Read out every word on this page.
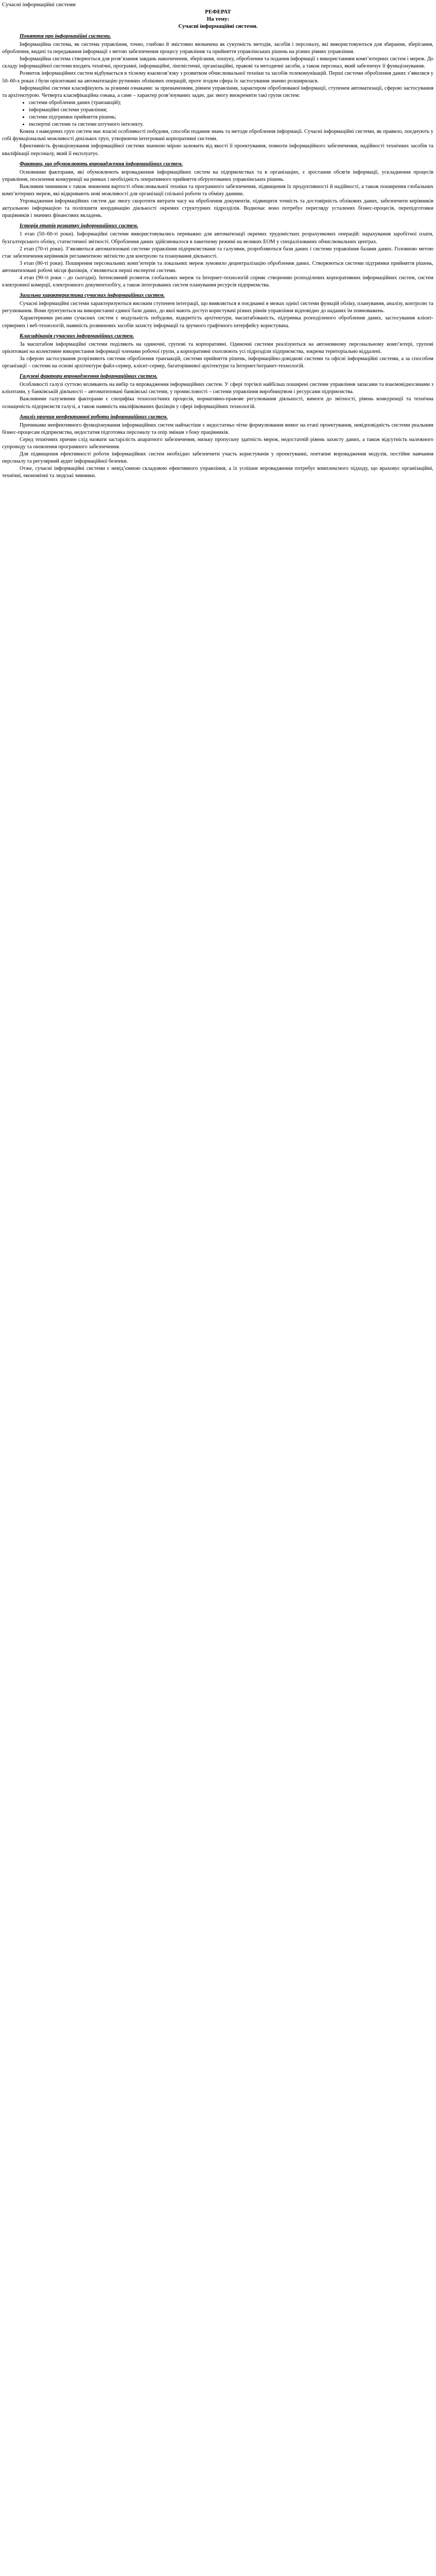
Сучасні інформаційні системи
РЕФЕРАТ
На тему:
Сучасні інформаційні системи.
Поняття про інформаційні системи.

Інформаційна система, як система управління, точно, глибоко й змістовно визначена як сукупність методів, засобів і персоналу, які використовуються для збирання, зберігання, оброблення, видачі та передавання інформації з метою забезпечення процесу управління та прийняття управлінських рішень на різних рівнях управління.

Інформаційна система створюється для розв’язання завдань накопичення, зберігання, пошуку, оброблення та подання інформації з використанням комп’ютерних систем і мереж. До складу інформаційної системи входять технічні, програмні, інформаційні, лінгвістичні, організаційні, правові та методичні засоби, а також персонал, який забезпечує її функціонування.

Розвиток інформаційних систем відбувається в тісному взаємозв’язку з розвитком обчислювальної техніки та засобів телекомунікацій. Перші системи оброблення даних з’явилися у 50–60-х роках і були орієнтовані на автоматизацію рутинних облікових операцій, проте згодом сфера їх застосування значно розширилася.

Інформаційні системи класифікують за різними ознаками: за призначенням, рівнем управління, характером оброблюваної інформації, ступенем автоматизації, сферою застосування та архітектурою. Четверта класифікаційна ознака, а саме – характер розв’язуваних задач, дає змогу виокремити такі групи систем:

• системи оброблення даних (транзакцій);
• інформаційні системи управління;
• системи підтримки прийняття рішень;
• експертні системи та системи штучного інтелекту.

Кожна з наведених груп систем має власні особливості побудови, способи подання знань та методи оброблення інформації. Сучасні інформаційні системи, як правило, поєднують у собі функціональні можливості декількох груп, утворюючи інтегровані корпоративні системи.

Ефективність функціонування інформаційної системи значною мірою залежить від якості її проектування, повноти інформаційного забезпечення, надійності технічних засобів та кваліфікації персоналу, який її експлуатує.

Фактори, що обумовлюють впровадження інформаційних систем.

Основними факторами, які обумовлюють впровадження інформаційних систем на підприємствах та в організаціях, є зростання обсягів інформації, ускладнення процесів управління, посилення конкуренції на ринках і необхідність оперативного прийняття обґрунтованих управлінських рішень.

Важливим чинником є також зниження вартості обчислювальної техніки та програмного забезпечення, підвищення їх продуктивності й надійності, а також поширення глобальних комп’ютерних мереж, які відкривають нові можливості для організації спільної роботи та обміну даними.

Упровадження інформаційних систем дає змогу скоротити витрати часу на оброблення документів, підвищити точність та достовірність облікових даних, забезпечити керівників актуальною інформацією та поліпшити координацію діяльності окремих структурних підрозділів. Водночас воно потребує перегляду усталених бізнес-процесів, перепідготовки працівників і значних фінансових вкладень.

Історія етапів розвитку інформаційних систем.

1 етап (50–60-ті роки). Інформаційні системи використовувались переважно для автоматизації окремих трудомістких розрахункових операцій: нарахування заробітної плати, бухгалтерського обліку, статистичної звітності. Оброблення даних здійснювалося в пакетному режимі на великих ЕОМ у спеціалізованих обчислювальних центрах.

2 етап (70-ті роки). З’являються автоматизовані системи управління підприємствами та галузями, розробляються бази даних і системи управління базами даних. Головною метою стає забезпечення керівників регламентною звітністю для контролю та планування діяльності.

3 етап (80-ті роки). Поширення персональних комп’ютерів та локальних мереж зумовило децентралізацію оброблення даних. Створюються системи підтримки прийняття рішень, автоматизовані робочі місця фахівців, з’являються перші експертні системи.

4 етап (90-ті роки – до сьогодні). Інтенсивний розвиток глобальних мереж та Інтернет-технологій сприяє створенню розподілених корпоративних інформаційних систем, систем електронної комерції, електронного документообігу, а також інтегрованих систем планування ресурсів підприємства.

Загальна характеристика сучасних інформаційних систем.

Сучасні інформаційні системи характеризуються високим ступенем інтеграції, що виявляється в поєднанні в межах однієї системи функцій обліку, планування, аналізу, контролю та регулювання. Вони ґрунтуються на використанні єдиної бази даних, до якої мають доступ користувачі різних рівнів управління відповідно до наданих їм повноважень.

Характерними рисами сучасних систем є модульність побудови, відкритість архітектури, масштабованість, підтримка розподіленого оброблення даних, застосування клієнт-серверних і веб-технологій, наявність розвинених засобів захисту інформації та зручного графічного інтерфейсу користувача.

Класифікація сучасних інформаційних систем.

За масштабом інформаційні системи поділяють на одиночні, групові та корпоративні. Одиночні системи реалізуються на автономному персональному комп’ютері, групові орієнтовані на колективне використання інформації членами робочої групи, а корпоративні охоплюють усі підрозділи підприємства, зокрема територіально віддалені.

За сферою застосування розрізняють системи оброблення транзакцій, системи прийняття рішень, інформаційно-довідкові системи та офісні інформаційні системи, а за способом організації – системи на основі архітектури файл-сервер, клієнт-сервер, багаторівневої архітектури та Інтернет/інтранет-технологій.

Галузеві фактори впровадження інформаційних систем.

Особливості галузі суттєво впливають на вибір та впровадження інформаційних систем. У сфері торгівлі найбільш поширені системи управління запасами та взаємовідносинами з клієнтами, у банківській діяльності – автоматизовані банківські системи, у промисловості – системи управління виробництвом і ресурсами підприємства.

Важливими галузевими факторами є специфіка технологічних процесів, нормативно-правове регулювання діяльності, вимоги до звітності, рівень конкуренції та технічна оснащеність підприємств галузі, а також наявність кваліфікованих фахівців у сфері інформаційних технологій.

Аналіз причин неефективної роботи інформаційних систем.

Причинами неефективного функціонування інформаційних систем найчастіше є недостатньо чітке формулювання вимог на етапі проектування, невідповідність системи реальним бізнес-процесам підприємства, недостатня підготовка персоналу та опір змінам з боку працівників.

Серед технічних причин слід назвати застарілість апаратного забезпечення, низьку пропускну здатність мереж, недостатній рівень захисту даних, а також відсутність належного супроводу та оновлення програмного забезпечення.

Для підвищення ефективності роботи інформаційних систем необхідно забезпечити участь користувачів у проектуванні, поетапне впровадження модулів, постійне навчання персоналу та регулярний аудит інформаційної безпеки.

Отже, сучасні інформаційні системи є невід’ємною складовою ефективного управління, а їх успішне впровадження потребує комплексного підходу, що враховує організаційні, технічні, економічні та людські чинники.
